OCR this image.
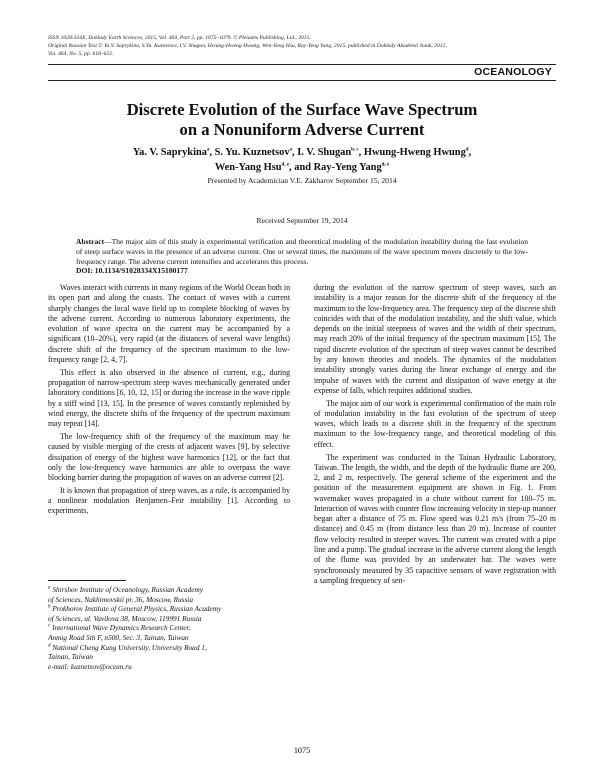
ISSN 1028-334X, Doklady Earth Sciences, 2015, Vol. 464, Part 2, pp. 1075–1079. © Pleiades Publishing, Ltd., 2015.
Original Russian Text © Ya.V. Saprykina, S.Yu. Kuznetsov, I.V. Shugan, Hwung-Hweng Hwung, Wen-Yang Hsu, Ray-Yeng Yang, 2015, published in Doklady Akademii Nauk, 2015,
Vol. 464, No. 5, pp. 618–622.
OCEANOLOGY
Discrete Evolution of the Surface Wave Spectrum
on a Nonuniform Adverse Current
Ya. V. Saprykina$^a$, S. Yu. Kuznetsov$^a$, I. V. Shugan$^{b, c}$, Hwung-Hweng Hwung$^d$,
Wen-Yang Hsu$^{d, e}$, and Ray-Yeng Yang$^{d, e}$
Presented by Academician V.E. Zakharov September 15, 2014
Received September 19, 2014
Abstract—The major aim of this study is experimental verification and theoretical modeling of the modulation instability during the fast evolution of steep surface waves in the presence of an adverse current. One or several times, the maximum of the wave spectrum moves discretely to the low-frequency range. The adverse current intensifies and accelerates this process.
DOI: 10.1134/S1028334X15100177

Waves interact with currents in many regions of the World Ocean both in its open part and along the coasts. The contact of waves with a current sharply changes the local wave field up to complete blocking of waves by the adverse current. According to numerous laboratory experiments, the evolution of wave spectra on the current may be accompanied by a significant (10–20%), very rapid (at the distances of several wave lengths) discrete shift of the frequency of the spectrum maximum to the low-frequency range [2, 4, 7].

This effect is also observed in the absence of current, e.g., during propagation of narrow-spectrum steep waves mechanically generated under laboratory conditions [6, 10, 12, 15] or during the increase in the wave ripple by a stiff wind [13, 15]. In the presence of waves constantly replenished by wind energy, the discrete shifts of the frequency of the spectrum maximum may repeat [14].

The low-frequency shift of the frequency of the maximum may be caused by visible merging of the crests of adjacent waves [9], by selective dissipation of energy of the highest wave harmonics [12], or the fact that only the low-frequency wave harmonics are able to overpass the wave blocking barrier during the propagation of waves on an adverse current [2].

It is known that propagation of steep waves, as a rule, is accompanied by a nonlinear modulation Benjamen–Feir instability [1]. According to experiments,

during the evolution of the narrow spectrum of steep waves, such an instability is a major reason for the discrete shift of the frequency of the maximum to the low-frequency area. The frequency step of the discrete shift coincides with that of the modulation instability, and the shift value, which depends on the initial steepness of waves and the width of their spectrum, may reach 20% of the initial frequency of the spectrum maximum [15]. The rapid discrete evolution of the spectrum of steep waves cannot be described by any known theories and models. The dynamics of the modulation instability strongly varies during the linear exchange of energy and the impulse of waves with the current and dissipation of wave energy at the expense of falls, which requires additional studies.

The major aim of our work is experimental confirmation of the main role of modulation instability in the fast evolution of the spectrum of steep waves, which leads to a discrete shift in the frequency of the spectrum maximum to the low-frequency range, and theoretical modeling of this effect.

The experiment was conducted in the Tainan Hydraulic Laboratory, Taiwan. The length, the width, and the depth of the hydraulic flume are 200, 2, and 2 m, respectively. The general scheme of the experiment and the position of the measurement equipment are shown in Fig. 1. From wavemaker waves propagated in a chute without current for 100–75 m. Interaction of waves with counter flow increasing velocity in step-up manner began after a distance of 75 m. Flow speed was 0.21 m/s (from 75–20 m distance) and 0.45 m (from distance less than 20 m). Increase of counter flow velocity resulted in steeper waves. The current was created with a pipe line and a pump. The gradual increase in the adverse current along the length of the flume was provided by an underwater bar. The waves were synchronously measured by 35 capacitive sensors of wave registration with a sampling frequency of sen-

$^a$ Shirshov Institute of Oceanology, Russian Academy
of Sciences, Nakhimovskii pr. 36, Moscow, Russia
$^b$ Prokhorov Institute of General Physics, Russian Academy
of Sciences, ul. Vavilova 38, Moscow, 119991 Russia
$^c$ International Wave Dynamics Research Center,
Anmig Road 5th F, n500, Sec. 3, Tainan, Taiwan
$^d$ National Cheng Kung University, University Road 1,
Tainan, Taiwan
e-mail: kuznetsov@ocean.ru
1075
